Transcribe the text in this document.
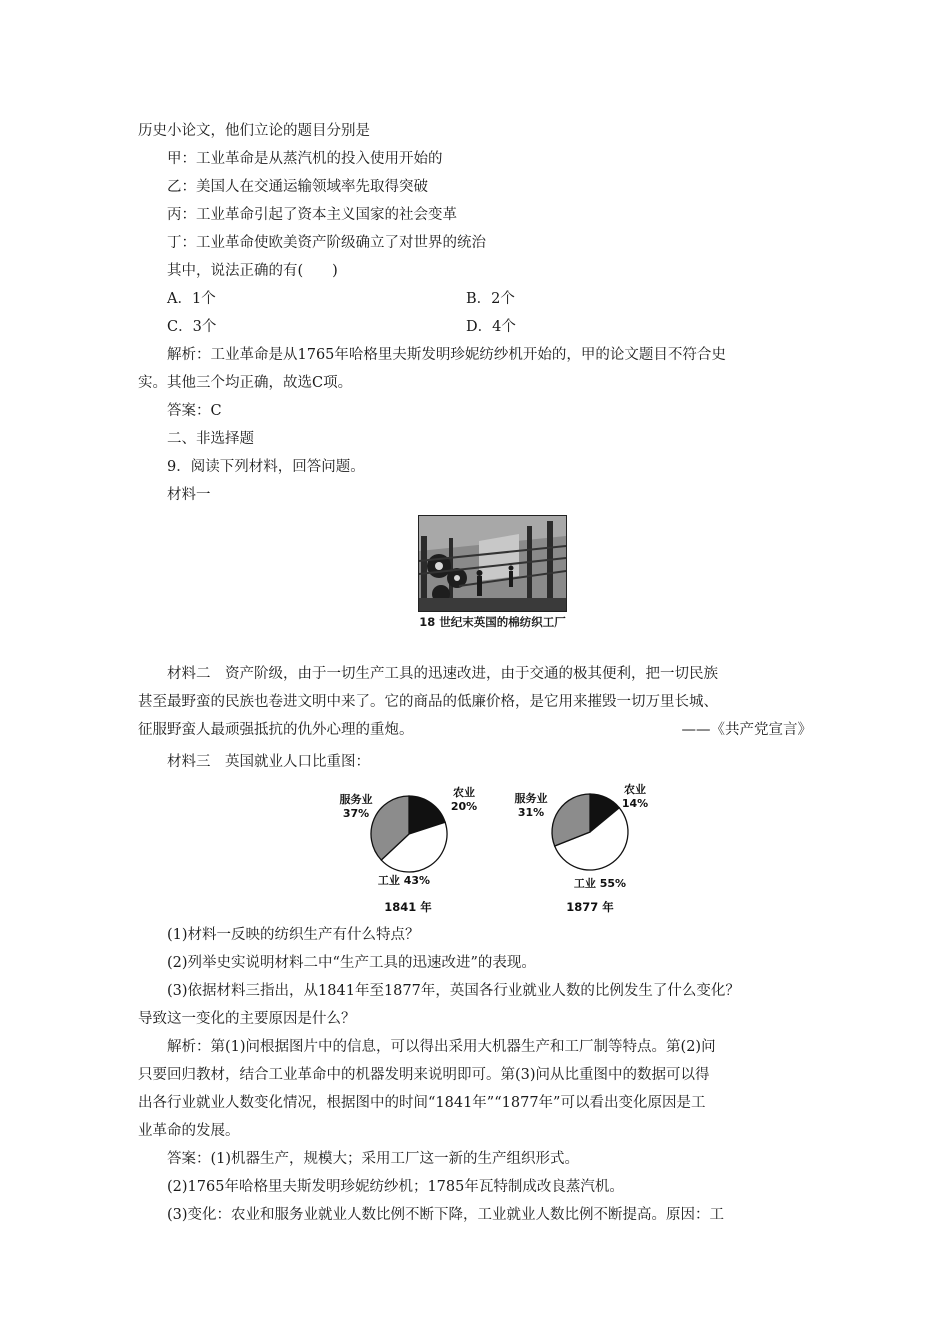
历史小论文，他们立论的题目分别是
甲：工业革命是从蒸汽机的投入使用开始的
乙：美国人在交通运输领域率先取得突破
丙：工业革命引起了资本主义国家的社会变革
丁：工业革命使欧美资产阶级确立了对世界的统治
其中，说法正确的有(　　)
A．1个	B．2个
C．3个	D．4个
解析：工业革命是从1765年哈格里夫斯发明珍妮纺纱机开始的，甲的论文题目不符合史
实。其他三个均正确，故选C项。
答案：C
二、非选择题
9．阅读下列材料，回答问题。
材料一
18 世纪末英国的棉纺织工厂
材料二　资产阶级，由于一切生产工具的迅速改进，由于交通的极其便利，把一切民族
甚至最野蛮的民族也卷进文明中来了。它的商品的低廉价格，是它用来摧毁一切万里长城、
征服野蛮人最顽强抵抗的仇外心理的重炮。	——《共产党宣言》
材料三　英国就业人口比重图：
农业
20%
工业 43%
服务业
37%
1841 年
农业
14%
工业 55%
服务业
31%
1877 年
(1)材料一反映的纺织生产有什么特点？
(2)列举史实说明材料二中“生产工具的迅速改进”的表现。
(3)依据材料三指出，从1841年至1877年，英国各行业就业人数的比例发生了什么变化？
导致这一变化的主要原因是什么？
解析：第(1)问根据图片中的信息，可以得出采用大机器生产和工厂制等特点。第(2)问
只要回归教材，结合工业革命中的机器发明来说明即可。第(3)问从比重图中的数据可以得
出各行业就业人数变化情况，根据图中的时间“1841年”“1877年”可以看出变化原因是工
业革命的发展。
答案：(1)机器生产，规模大；采用工厂这一新的生产组织形式。
(2)1765年哈格里夫斯发明珍妮纺纱机；1785年瓦特制成改良蒸汽机。
(3)变化：农业和服务业就业人数比例不断下降，工业就业人数比例不断提高。原因：工
